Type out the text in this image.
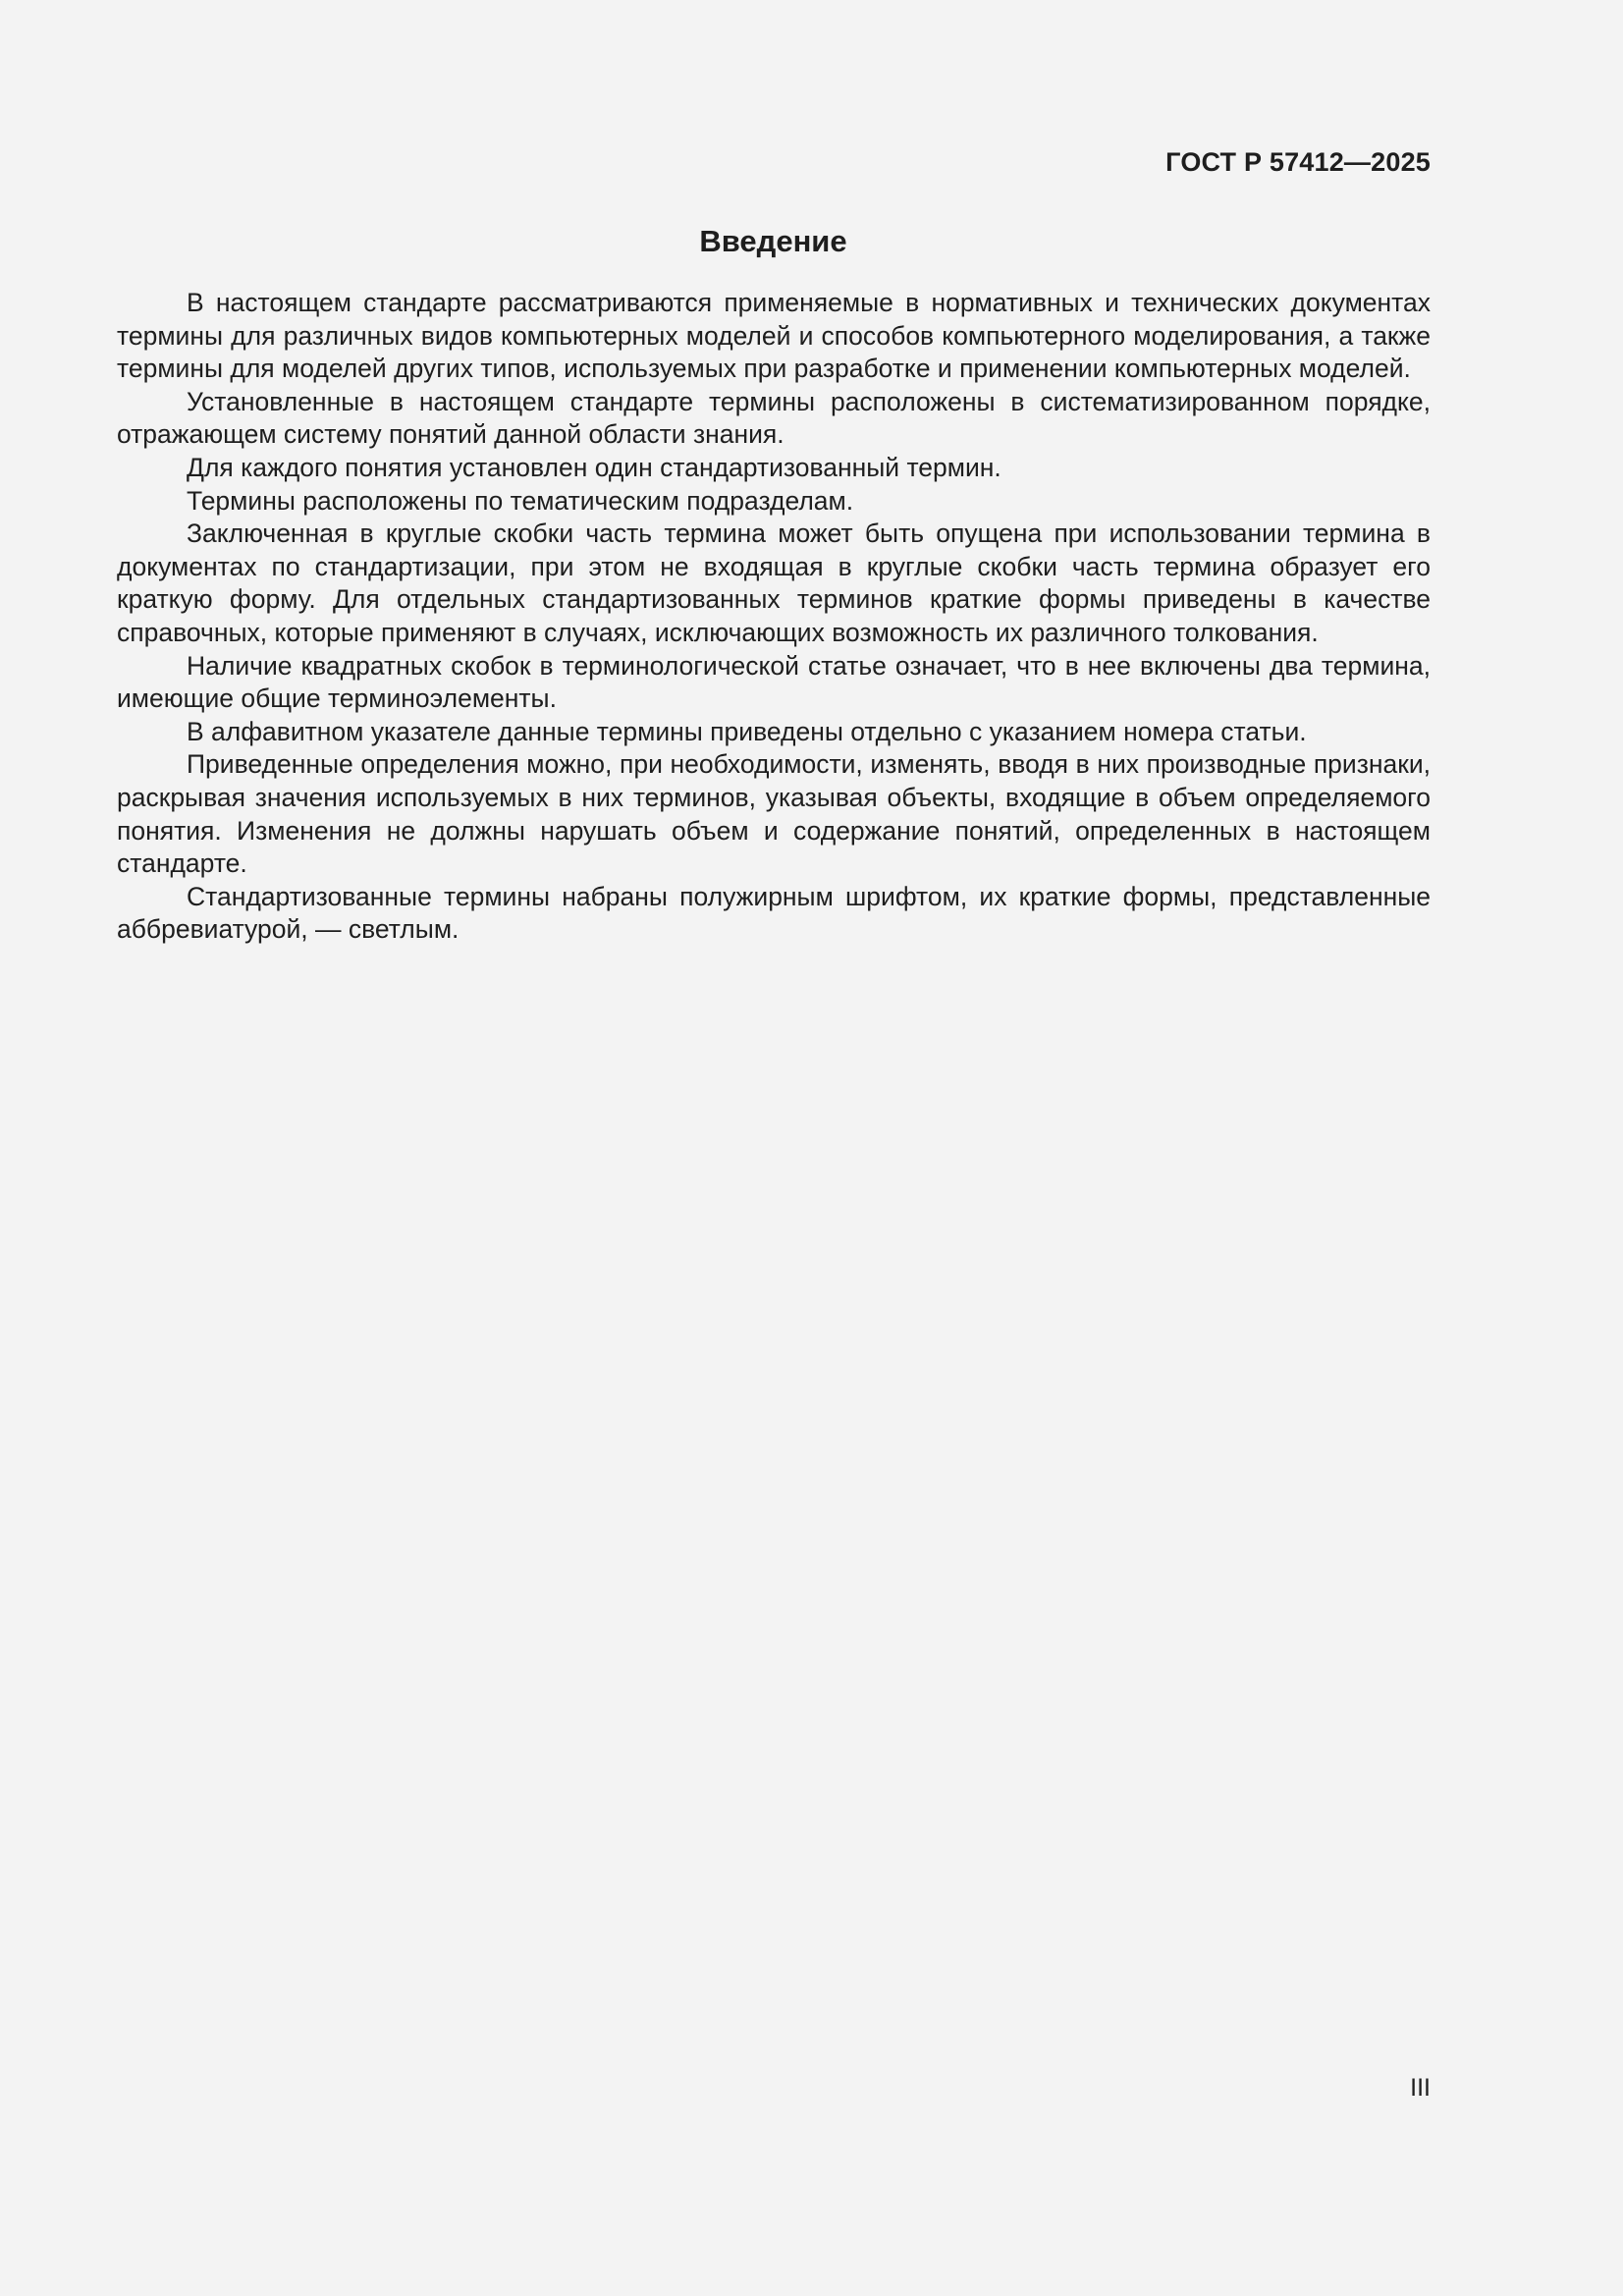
ГОСТ Р 57412—2025
Введение

В настоящем стандарте рассматриваются применяемые в нормативных и технических документах термины для различных видов компьютерных моделей и способов компьютерного моделирования, а также термины для моделей других типов, используемых при разработке и применении компьютерных моделей.

Установленные в настоящем стандарте термины расположены в систематизированном порядке, отражающем систему понятий данной области знания.

Для каждого понятия установлен один стандартизованный термин.

Термины расположены по тематическим подразделам.

Заключенная в круглые скобки часть термина может быть опущена при использовании термина в документах по стандартизации, при этом не входящая в круглые скобки часть термина образует его краткую форму. Для отдельных стандартизованных терминов краткие формы приведены в качестве справочных, которые применяют в случаях, исключающих возможность их различного толкования.

Наличие квадратных скобок в терминологической статье означает, что в нее включены два термина, имеющие общие терминоэлементы.

В алфавитном указателе данные термины приведены отдельно с указанием номера статьи.

Приведенные определения можно, при необходимости, изменять, вводя в них производные признаки, раскрывая значения используемых в них терминов, указывая объекты, входящие в объем определяемого понятия. Изменения не должны нарушать объем и содержание понятий, определенных в настоящем стандарте.

Стандартизованные термины набраны полужирным шрифтом, их краткие формы, представленные аббревиатурой, — светлым.

III
